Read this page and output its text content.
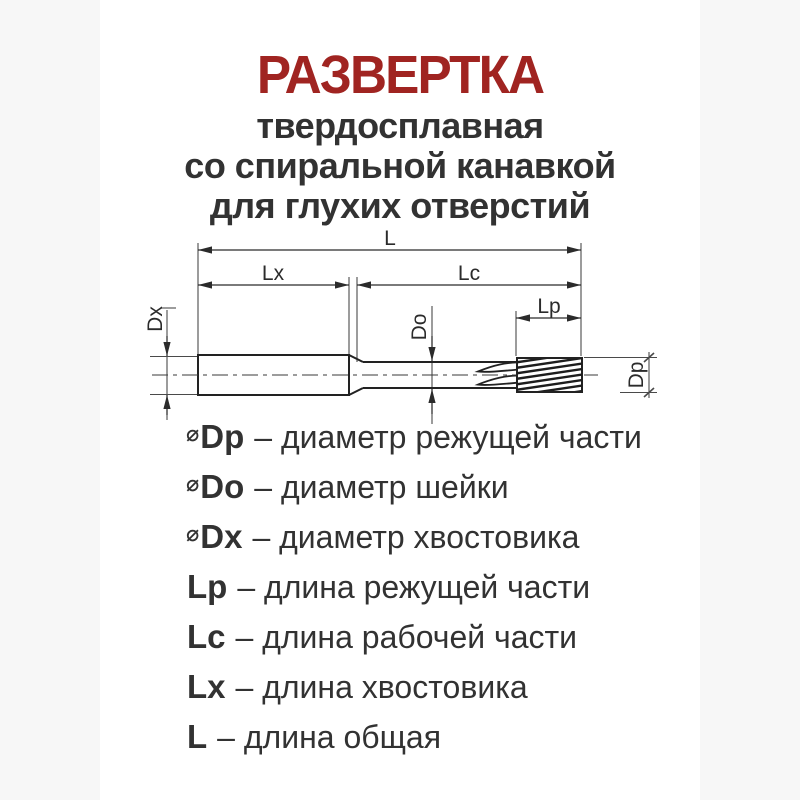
РАЗВЕРТКА
твердосплавная
со спиральной канавкой
для глухих отверстий
L
Lx	Lc
Lp
Dx	Do
Dp
⌀ Dp – диаметр режущей части
⌀ Do – диаметр шейки
⌀ Dx – диаметр хвостовика
Lp – длина режущей части
Lc – длина рабочей части
Lx – длина хвостовика
L – длина общая
